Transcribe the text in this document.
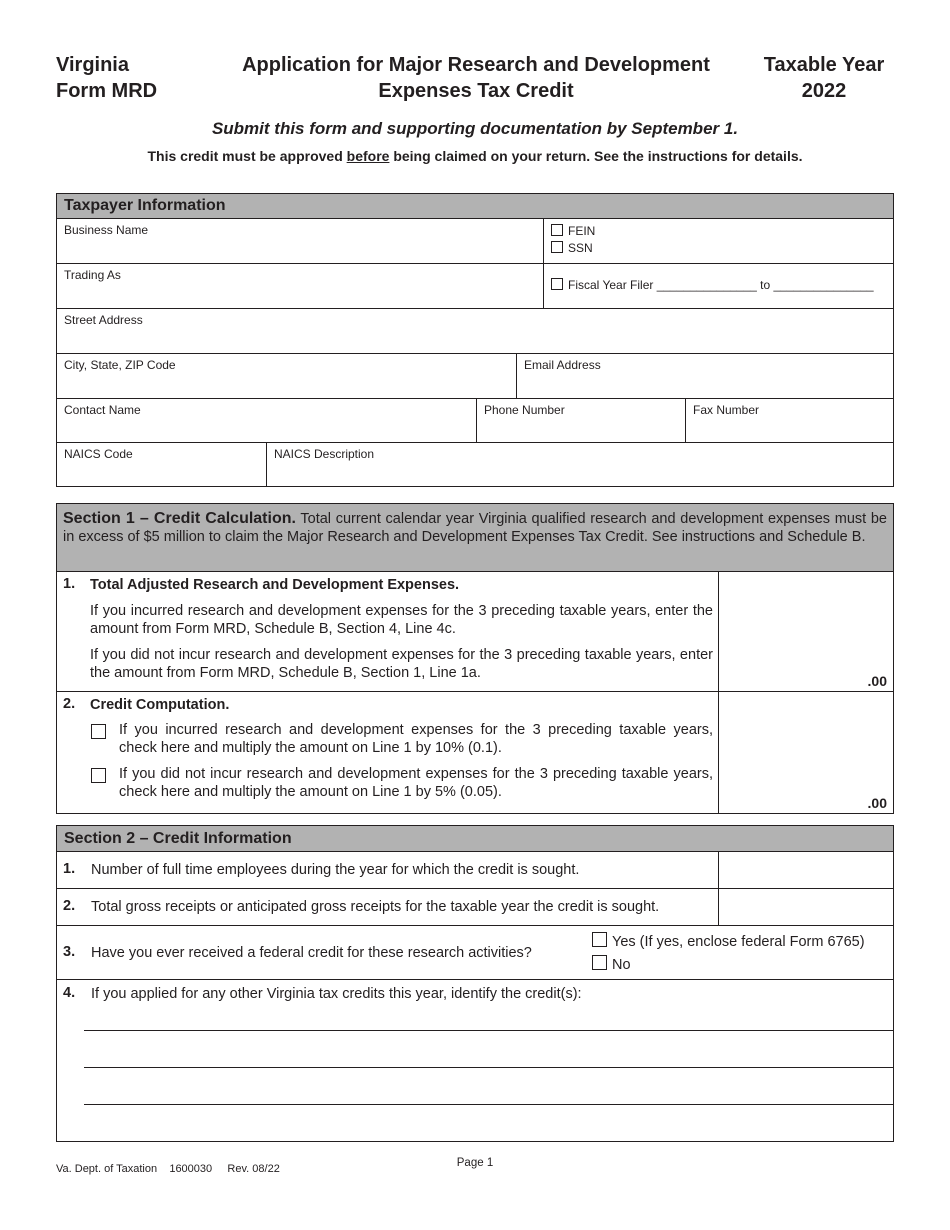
Virginia
Form MRD
Application for Major Research and Development
Expenses Tax Credit
Taxable Year
2022
Submit this form and supporting documentation by September 1.
This credit must be approved before being claimed on your return. See the instructions for details.
Taxpayer Information
Business Name	FEIN
SSN
Trading As
Fiscal Year Filer _______________ to _______________
Street Address
City, State, ZIP Code	Email Address
Contact Name	Phone Number	Fax Number
NAICS Code	NAICS Description
Section 1 – Credit Calculation. Total current calendar year Virginia qualified research and development expenses must be in excess of $5 million to claim the Major Research and Development Expenses Tax Credit. See instructions and Schedule B.
1. Total Adjusted Research and Development Expenses.
If you incurred research and development expenses for the 3 preceding taxable years, enter the amount from Form MRD, Schedule B, Section 4, Line 4c.
If you did not incur research and development expenses for the 3 preceding taxable years, enter the amount from Form MRD, Schedule B, Section 1, Line 1a.	.00
2. Credit Computation.
If you incurred research and development expenses for the 3 preceding taxable years, check here and multiply the amount on Line 1 by 10% (0.1).
If you did not incur research and development expenses for the 3 preceding taxable years, check here and multiply the amount on Line 1 by 5% (0.05).
.00
Section 2 – Credit Information
1. Number of full time employees during the year for which the credit is sought.
2. Total gross receipts or anticipated gross receipts for the taxable year the credit is sought.
3. Have you ever received a federal credit for these research activities?
Yes (If yes, enclose federal Form 6765)
No
4. If you applied for any other Virginia tax credits this year, identify the credit(s):
Va. Dept. of Taxation    1600030     Rev. 08/22	Page 1
